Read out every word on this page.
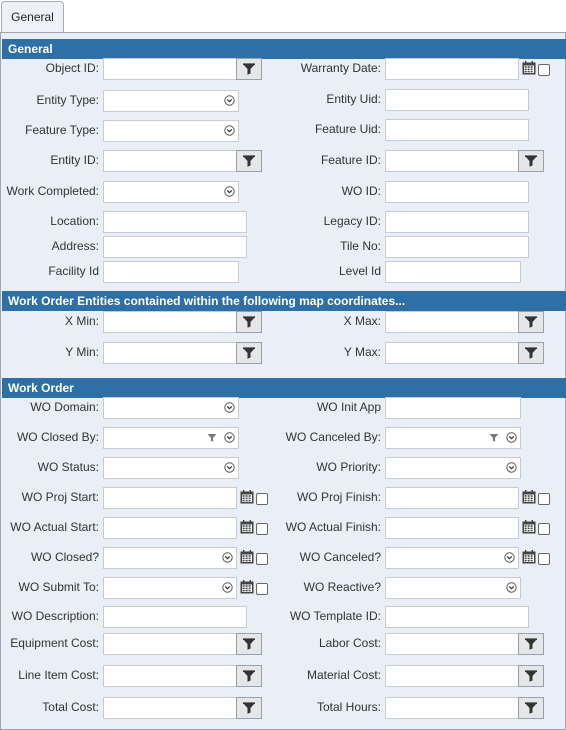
General
General
Work Order Entities contained within the following map coordinates...
Work Order
Object ID:	Warranty Date:
Entity Type:	Entity Uid:
Feature Type:	Feature Uid:
Entity ID:	Feature ID:
Work Completed:	WO ID:
Location:	Legacy ID:
Address:	Tile No:
Facility Id	Level Id
X Min:	X Max:
Y Min:	Y Max:
WO Domain:	WO Init App
WO Closed By:	WO Canceled By:
WO Status:	WO Priority:
WO Proj Start:	WO Proj Finish:
WO Actual Start:	WO Actual Finish:
WO Closed?	WO Canceled?
WO Submit To:	WO Reactive?
WO Description:	WO Template ID:
Equipment Cost:	Labor Cost:
Line Item Cost:	Material Cost:
Total Cost:	Total Hours:
